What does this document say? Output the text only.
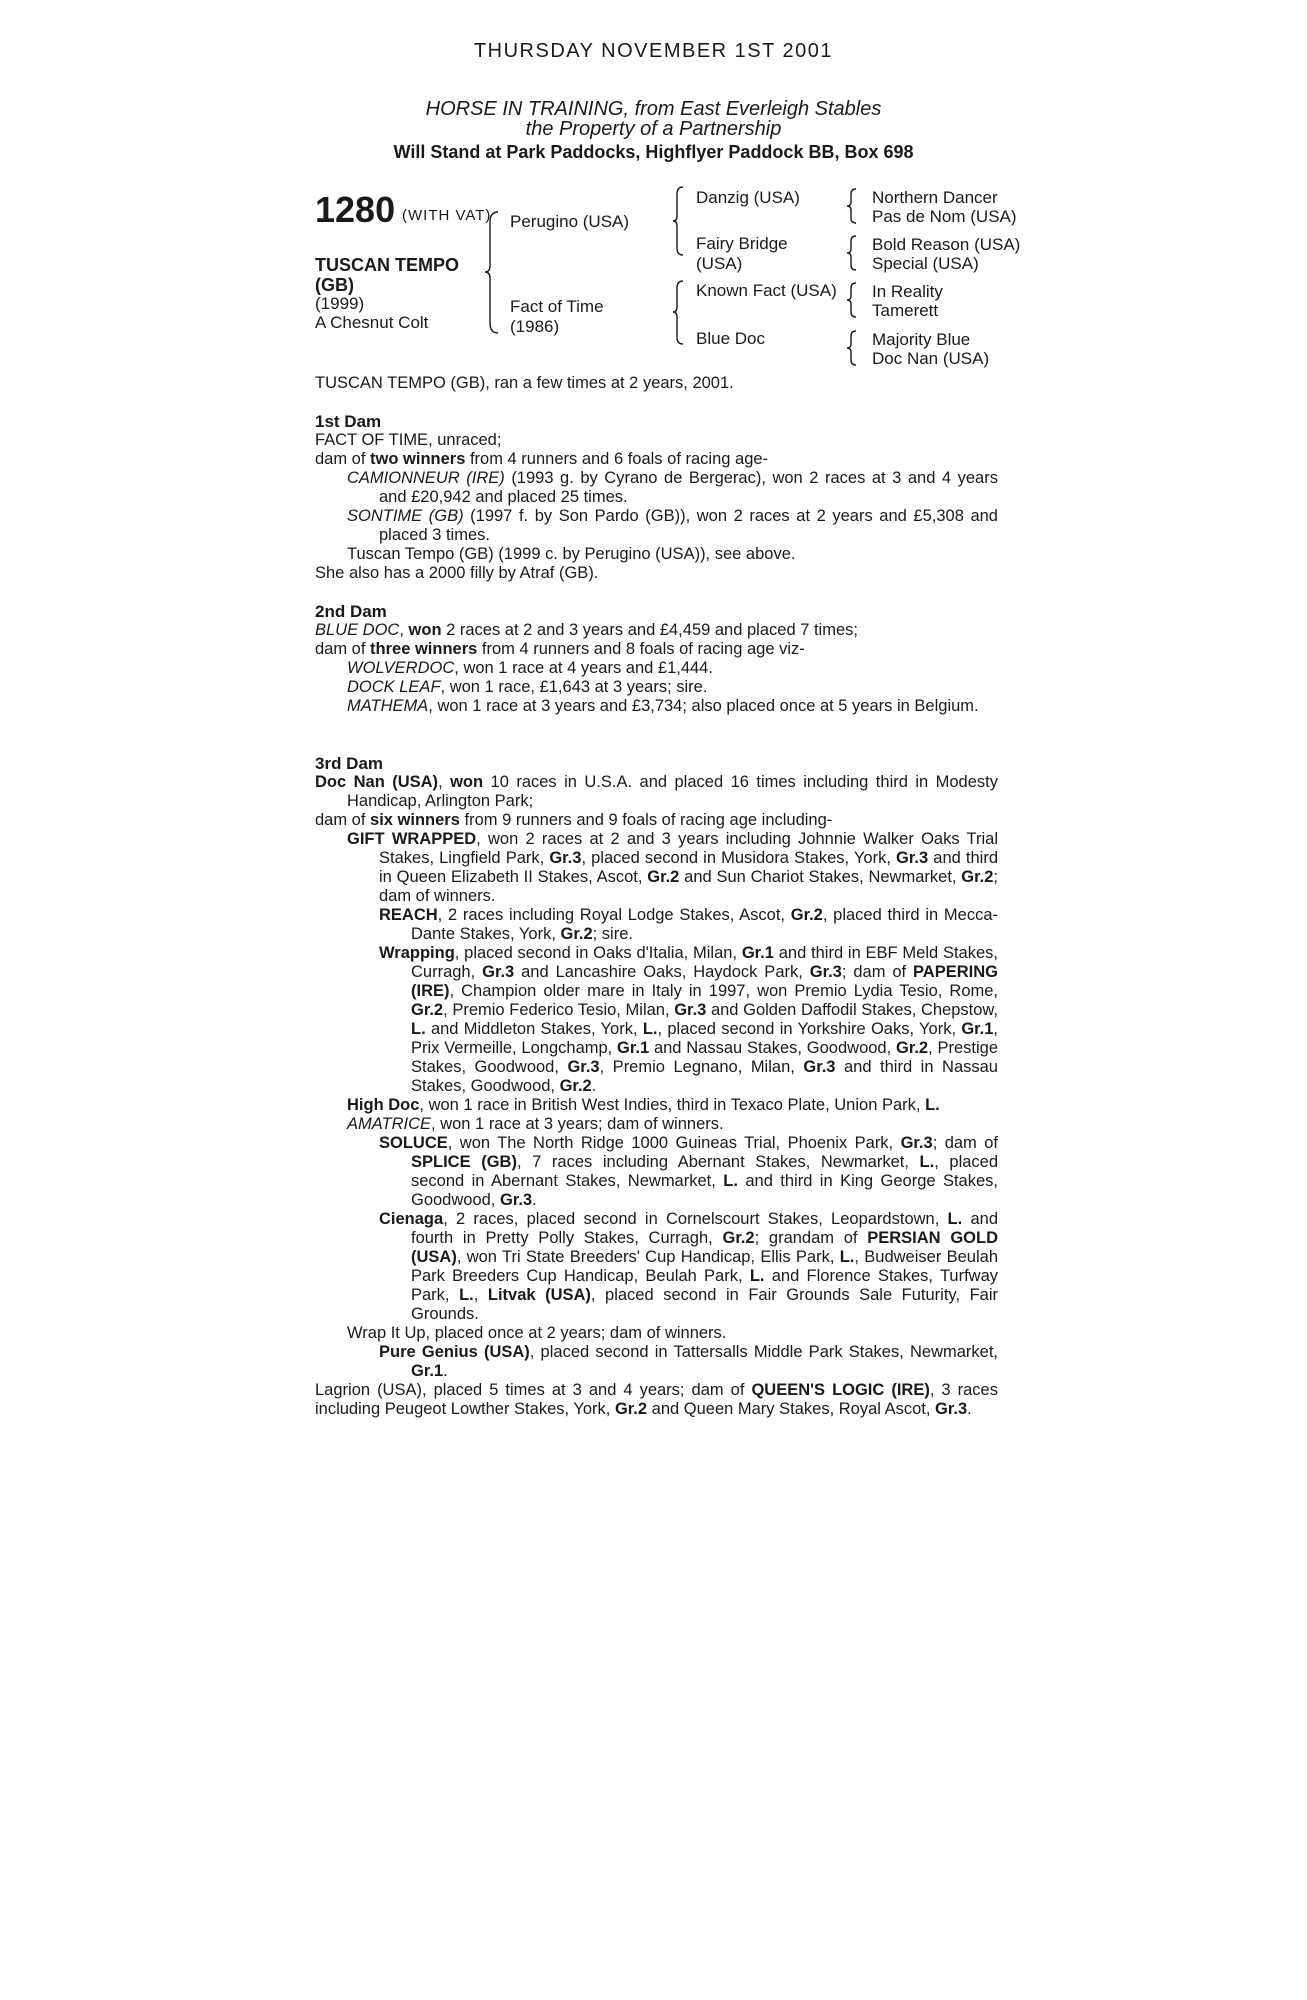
THURSDAY NOVEMBER 1ST 2001
HORSE IN TRAINING, from East Everleigh Stables
the Property of a Partnership
Will Stand at Park Paddocks, Highflyer Paddock BB, Box 698
1280 (WITH VAT)
TUSCAN TEMPO
(GB)
(1999)
A Chesnut Colt
Perugino (USA)
Fact of Time
(1986)
Danzig (USA)
Fairy Bridge
(USA)
Known Fact (USA)
Blue Doc
Northern Dancer
Pas de Nom (USA)
Bold Reason (USA)
Special (USA)
In Reality
Tamerett
Majority Blue
Doc Nan (USA)
TUSCAN TEMPO (GB), ran a few times at 2 years, 2001.

1st Dam

FACT OF TIME, unraced;

dam of two winners from 4 runners and 6 foals of racing age-

CAMIONNEUR (IRE) (1993 g. by Cyrano de Bergerac), won 2 races at 3 and 4 years and £20,942 and placed 25 times.

SONTIME (GB) (1997 f. by Son Pardo (GB)), won 2 races at 2 years and £5,308 and placed 3 times.

Tuscan Tempo (GB) (1999 c. by Perugino (USA)), see above.

She also has a 2000 filly by Atraf (GB).

2nd Dam

BLUE DOC, won 2 races at 2 and 3 years and £4,459 and placed 7 times;

dam of three winners from 4 runners and 8 foals of racing age viz-

WOLVERDOC, won 1 race at 4 years and £1,444.

DOCK LEAF, won 1 race, £1,643 at 3 years; sire.

MATHEMA, won 1 race at 3 years and £3,734; also placed once at 5 years in Belgium.

3rd Dam

Doc Nan (USA), won 10 races in U.S.A. and placed 16 times including third in Modesty Handicap, Arlington Park;

dam of six winners from 9 runners and 9 foals of racing age including-

GIFT WRAPPED, won 2 races at 2 and 3 years including Johnnie Walker Oaks Trial Stakes, Lingfield Park, Gr.3, placed second in Musidora Stakes, York, Gr.3 and third in Queen Elizabeth II Stakes, Ascot, Gr.2 and Sun Chariot Stakes, Newmarket, Gr.2; dam of winners.

REACH, 2 races including Royal Lodge Stakes, Ascot, Gr.2, placed third in Mecca-Dante Stakes, York, Gr.2; sire.

Wrapping, placed second in Oaks d'Italia, Milan, Gr.1 and third in EBF Meld Stakes, Curragh, Gr.3 and Lancashire Oaks, Haydock Park, Gr.3; dam of PAPERING (IRE), Champion older mare in Italy in 1997, won Premio Lydia Tesio, Rome, Gr.2, Premio Federico Tesio, Milan, Gr.3 and Golden Daffodil Stakes, Chepstow, L. and Middleton Stakes, York, L., placed second in Yorkshire Oaks, York, Gr.1, Prix Vermeille, Longchamp, Gr.1 and Nassau Stakes, Goodwood, Gr.2, Prestige Stakes, Goodwood, Gr.3, Premio Legnano, Milan, Gr.3 and third in Nassau Stakes, Goodwood, Gr.2.

High Doc, won 1 race in British West Indies, third in Texaco Plate, Union Park, L.

AMATRICE, won 1 race at 3 years; dam of winners.

SOLUCE, won The North Ridge 1000 Guineas Trial, Phoenix Park, Gr.3; dam of SPLICE (GB), 7 races including Abernant Stakes, Newmarket, L., placed second in Abernant Stakes, Newmarket, L. and third in King George Stakes, Goodwood, Gr.3.

Cienaga, 2 races, placed second in Cornelscourt Stakes, Leopardstown, L. and fourth in Pretty Polly Stakes, Curragh, Gr.2; grandam of PERSIAN GOLD (USA), won Tri State Breeders' Cup Handicap, Ellis Park, L., Budweiser Beulah Park Breeders Cup Handicap, Beulah Park, L. and Florence Stakes, Turfway Park, L., Litvak (USA), placed second in Fair Grounds Sale Futurity, Fair Grounds.

Wrap It Up, placed once at 2 years; dam of winners.

Pure Genius (USA), placed second in Tattersalls Middle Park Stakes, Newmarket, Gr.1.

Lagrion (USA), placed 5 times at 3 and 4 years; dam of QUEEN'S LOGIC (IRE), 3 races including Peugeot Lowther Stakes, York, Gr.2 and Queen Mary Stakes, Royal Ascot, Gr.3.
